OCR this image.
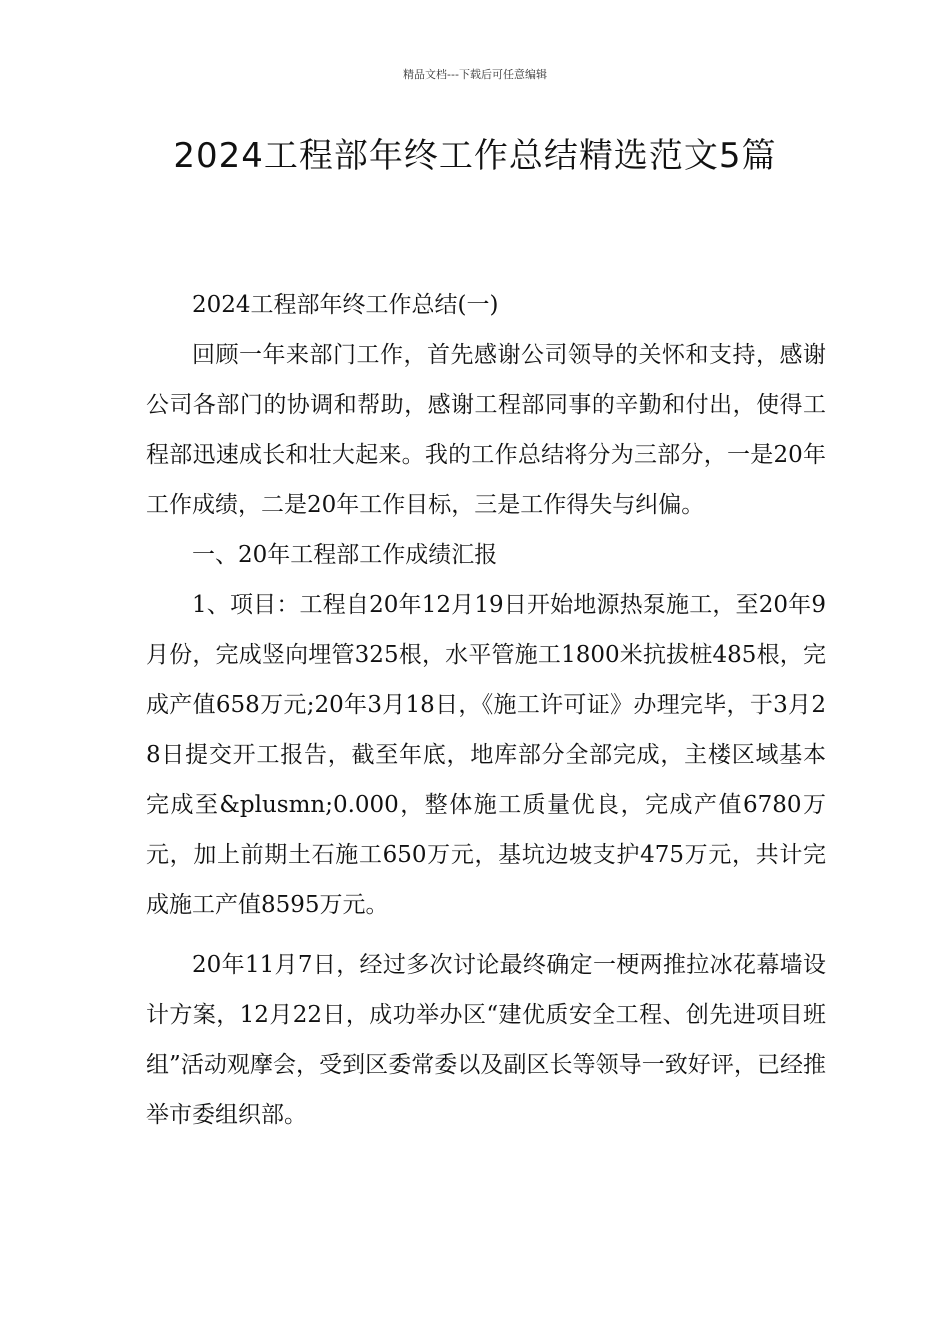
精品文档---下载后可任意编辑
2024工程部年终工作总结精选范文5篇

2024工程部年终工作总结(一)

回顾一年来部门工作，首先感谢公司领导的关怀和支持，感谢公司各部门的协调和帮助，感谢工程部同事的辛勤和付出，使得工程部迅速成长和壮大起来。我的工作总结将分为三部分，一是20年工作成绩，二是20年工作目标，三是工作得失与纠偏。

一、20年工程部工作成绩汇报

1、项目：工程自20年12月19日开始地源热泵施工，至20年9月份，完成竖向埋管325根，水平管施工1800米抗拔桩485根，完成产值658万元;20年3月18日，《施工许可证》办理完毕，于3月28日提交开工报告，截至年底，地库部分全部完成，主楼区域基本完成至&plusmn;0.000，整体施工质量优良，完成产值6780万元，加上前期土石施工650万元，基坑边坡支护475万元，共计完成施工产值8595万元。

20年11月7日，经过多次讨论最终确定一梗两推拉冰花幕墙设计方案，12月22日，成功举办区“建优质安全工程、创先进项目班组”活动观摩会，受到区委常委以及副区长等领导一致好评，已经推举市委组织部。
